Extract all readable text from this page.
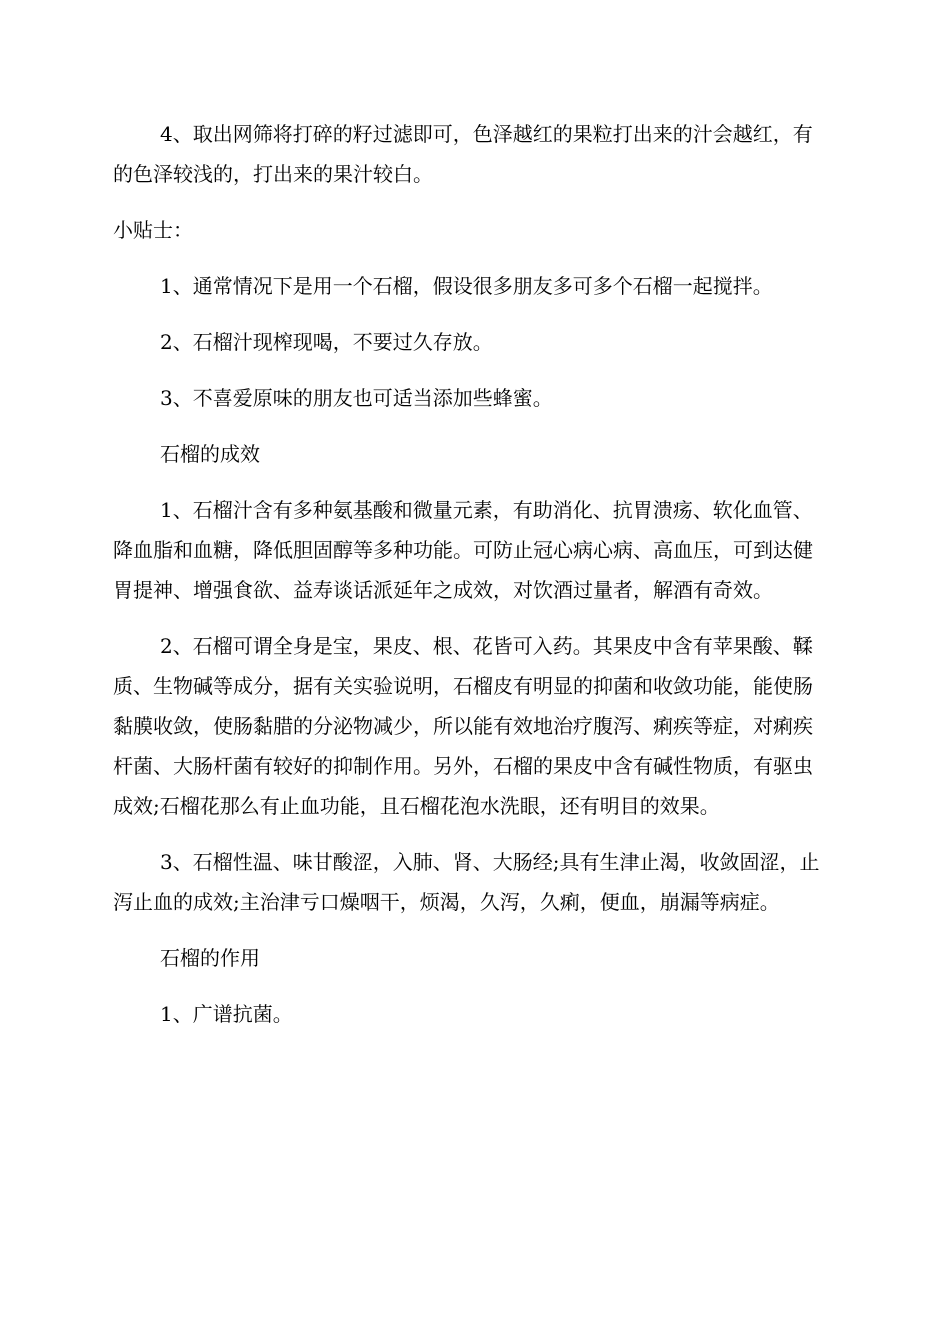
4、取出网筛将打碎的籽过滤即可，色泽越红的果粒打出来的汁会越红，有的色泽较浅的，打出来的果汁较白。

小贴士：

1、通常情况下是用一个石榴，假设很多朋友多可多个石榴一起搅拌。

2、石榴汁现榨现喝，不要过久存放。

3、不喜爱原味的朋友也可适当添加些蜂蜜。

石榴的成效

1、石榴汁含有多种氨基酸和微量元素，有助消化、抗胃溃疡、软化血管、降血脂和血糖，降低胆固醇等多种功能。可防止冠心病心病、高血压，可到达健胃提神、增强食欲、益寿谈话派延年之成效，对饮酒过量者，解酒有奇效。

2、石榴可谓全身是宝，果皮、根、花皆可入药。其果皮中含有苹果酸、鞣质、生物碱等成分，据有关实验说明，石榴皮有明显的抑菌和收敛功能，能使肠黏膜收敛，使肠黏腊的分泌物减少，所以能有效地治疗腹泻、痢疾等症，对痢疾杆菌、大肠杆菌有较好的抑制作用。另外，石榴的果皮中含有碱性物质，有驱虫成效;石榴花那么有止血功能，且石榴花泡水洗眼，还有明目的效果。

3、石榴性温、味甘酸涩，入肺、肾、大肠经;具有生津止渴，收敛固涩，止泻止血的成效;主治津亏口燥咽干，烦渴，久泻，久痢，便血，崩漏等病症。

石榴的作用

1、广谱抗菌。
